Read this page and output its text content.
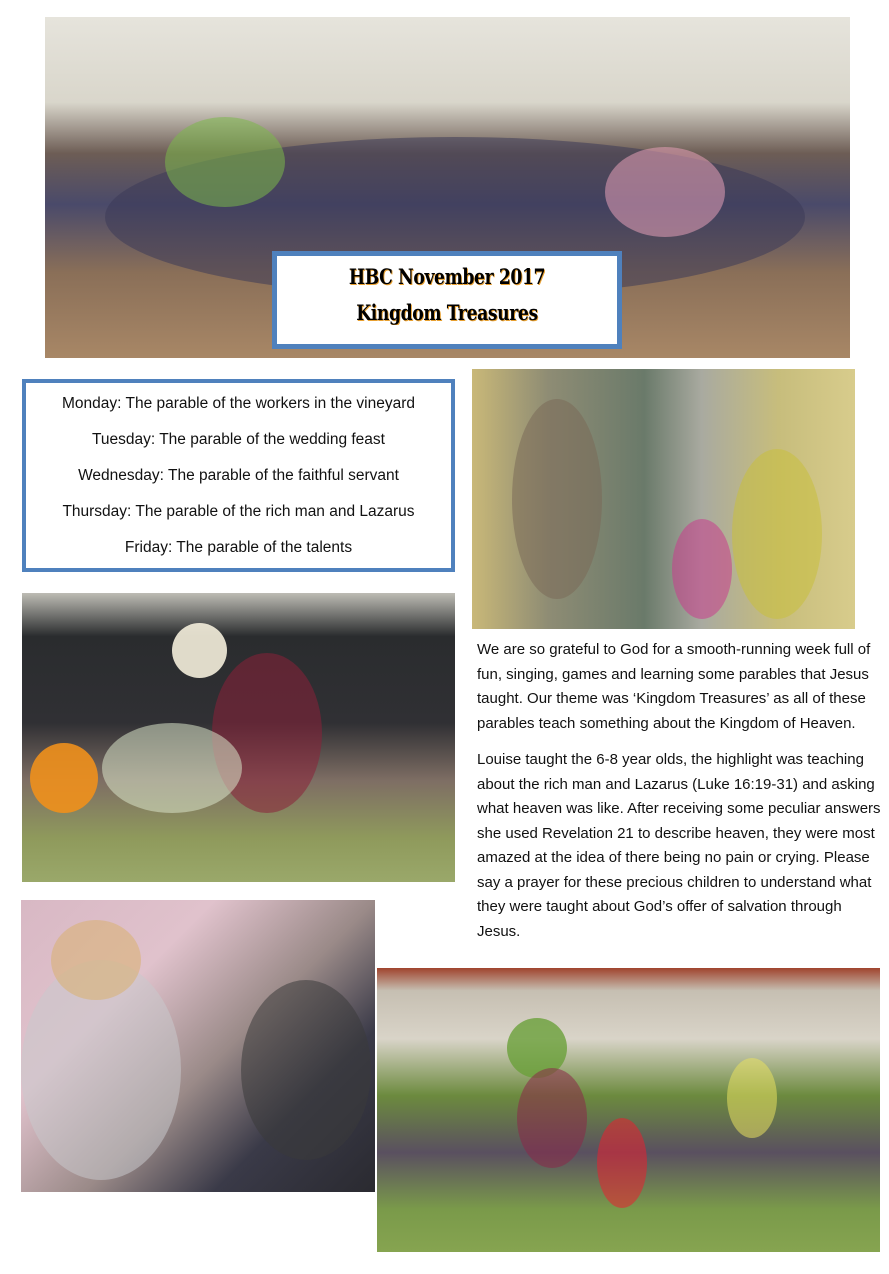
HBC November 2017
Kingdom Treasures
Monday: The parable of the workers in the vineyard
Tuesday: The parable of the wedding feast
Wednesday: The parable of the faithful servant
Thursday: The parable of the rich man and Lazarus
Friday: The parable of the talents

We are so grateful to God for a smooth-running week full of fun, singing, games and learning some parables that Jesus taught. Our theme was ‘Kingdom Treasures’ as all of these parables teach something about the Kingdom of Heaven.

Louise taught the 6-8 year olds, the highlight was teaching about the rich man and Lazarus (Luke 16:19-31) and asking what heaven was like. After receiving some peculiar answers she used Revelation 21 to describe heaven, they were most amazed at the idea of there being no pain or crying. Please say a prayer for these precious children to understand what they were taught about God’s offer of salvation through Jesus.
